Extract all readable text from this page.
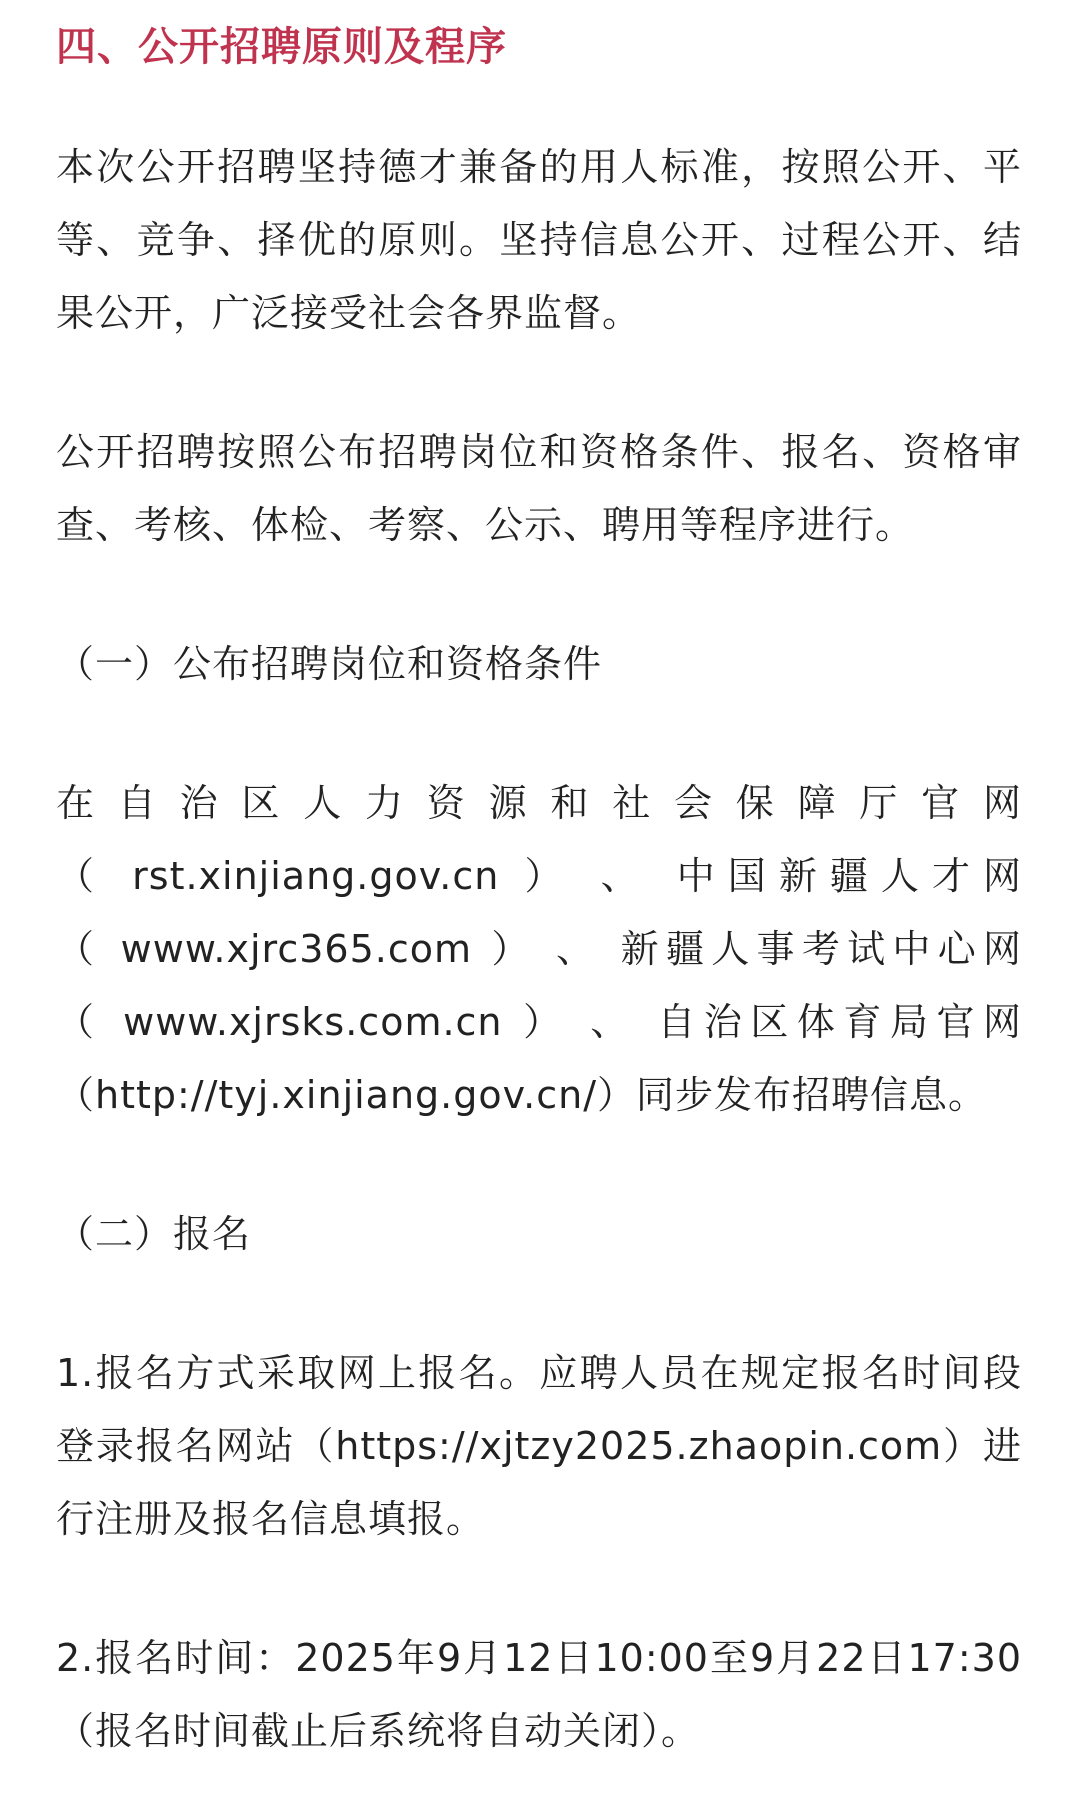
四、公开招聘原则及程序

本次公开招聘坚持德才兼备的用人标准，按照公开、平等、竞争、择优的原则。坚持信息公开、过程公开、结果公开，广泛接受社会各界监督。

公开招聘按照公布招聘岗位和资格条件、报名、资格审查、考核、体检、考察、公示、聘用等程序进行。

（一）公布招聘岗位和资格条件

在自治区人力资源和社会保障厅官网
（ rst.xinjiang.gov.cn ） 、 中国新疆人才网
（ www.xjrc365.com ） 、 新疆人事考试中心网
（ www.xjrsks.com.cn ） 、 自治区体育局官网
（http://tyj.xinjiang.gov.cn/）同步发布招聘信息。

（二）报名

1.报名方式采取网上报名。应聘人员在规定报名时间段登录报名网站（https://xjtzy2025.zhaopin.com）进行注册及报名信息填报。

2.报名时间：2025年9月12日10:00至9月22日17:30（报名时间截止后系统将自动关闭）。
